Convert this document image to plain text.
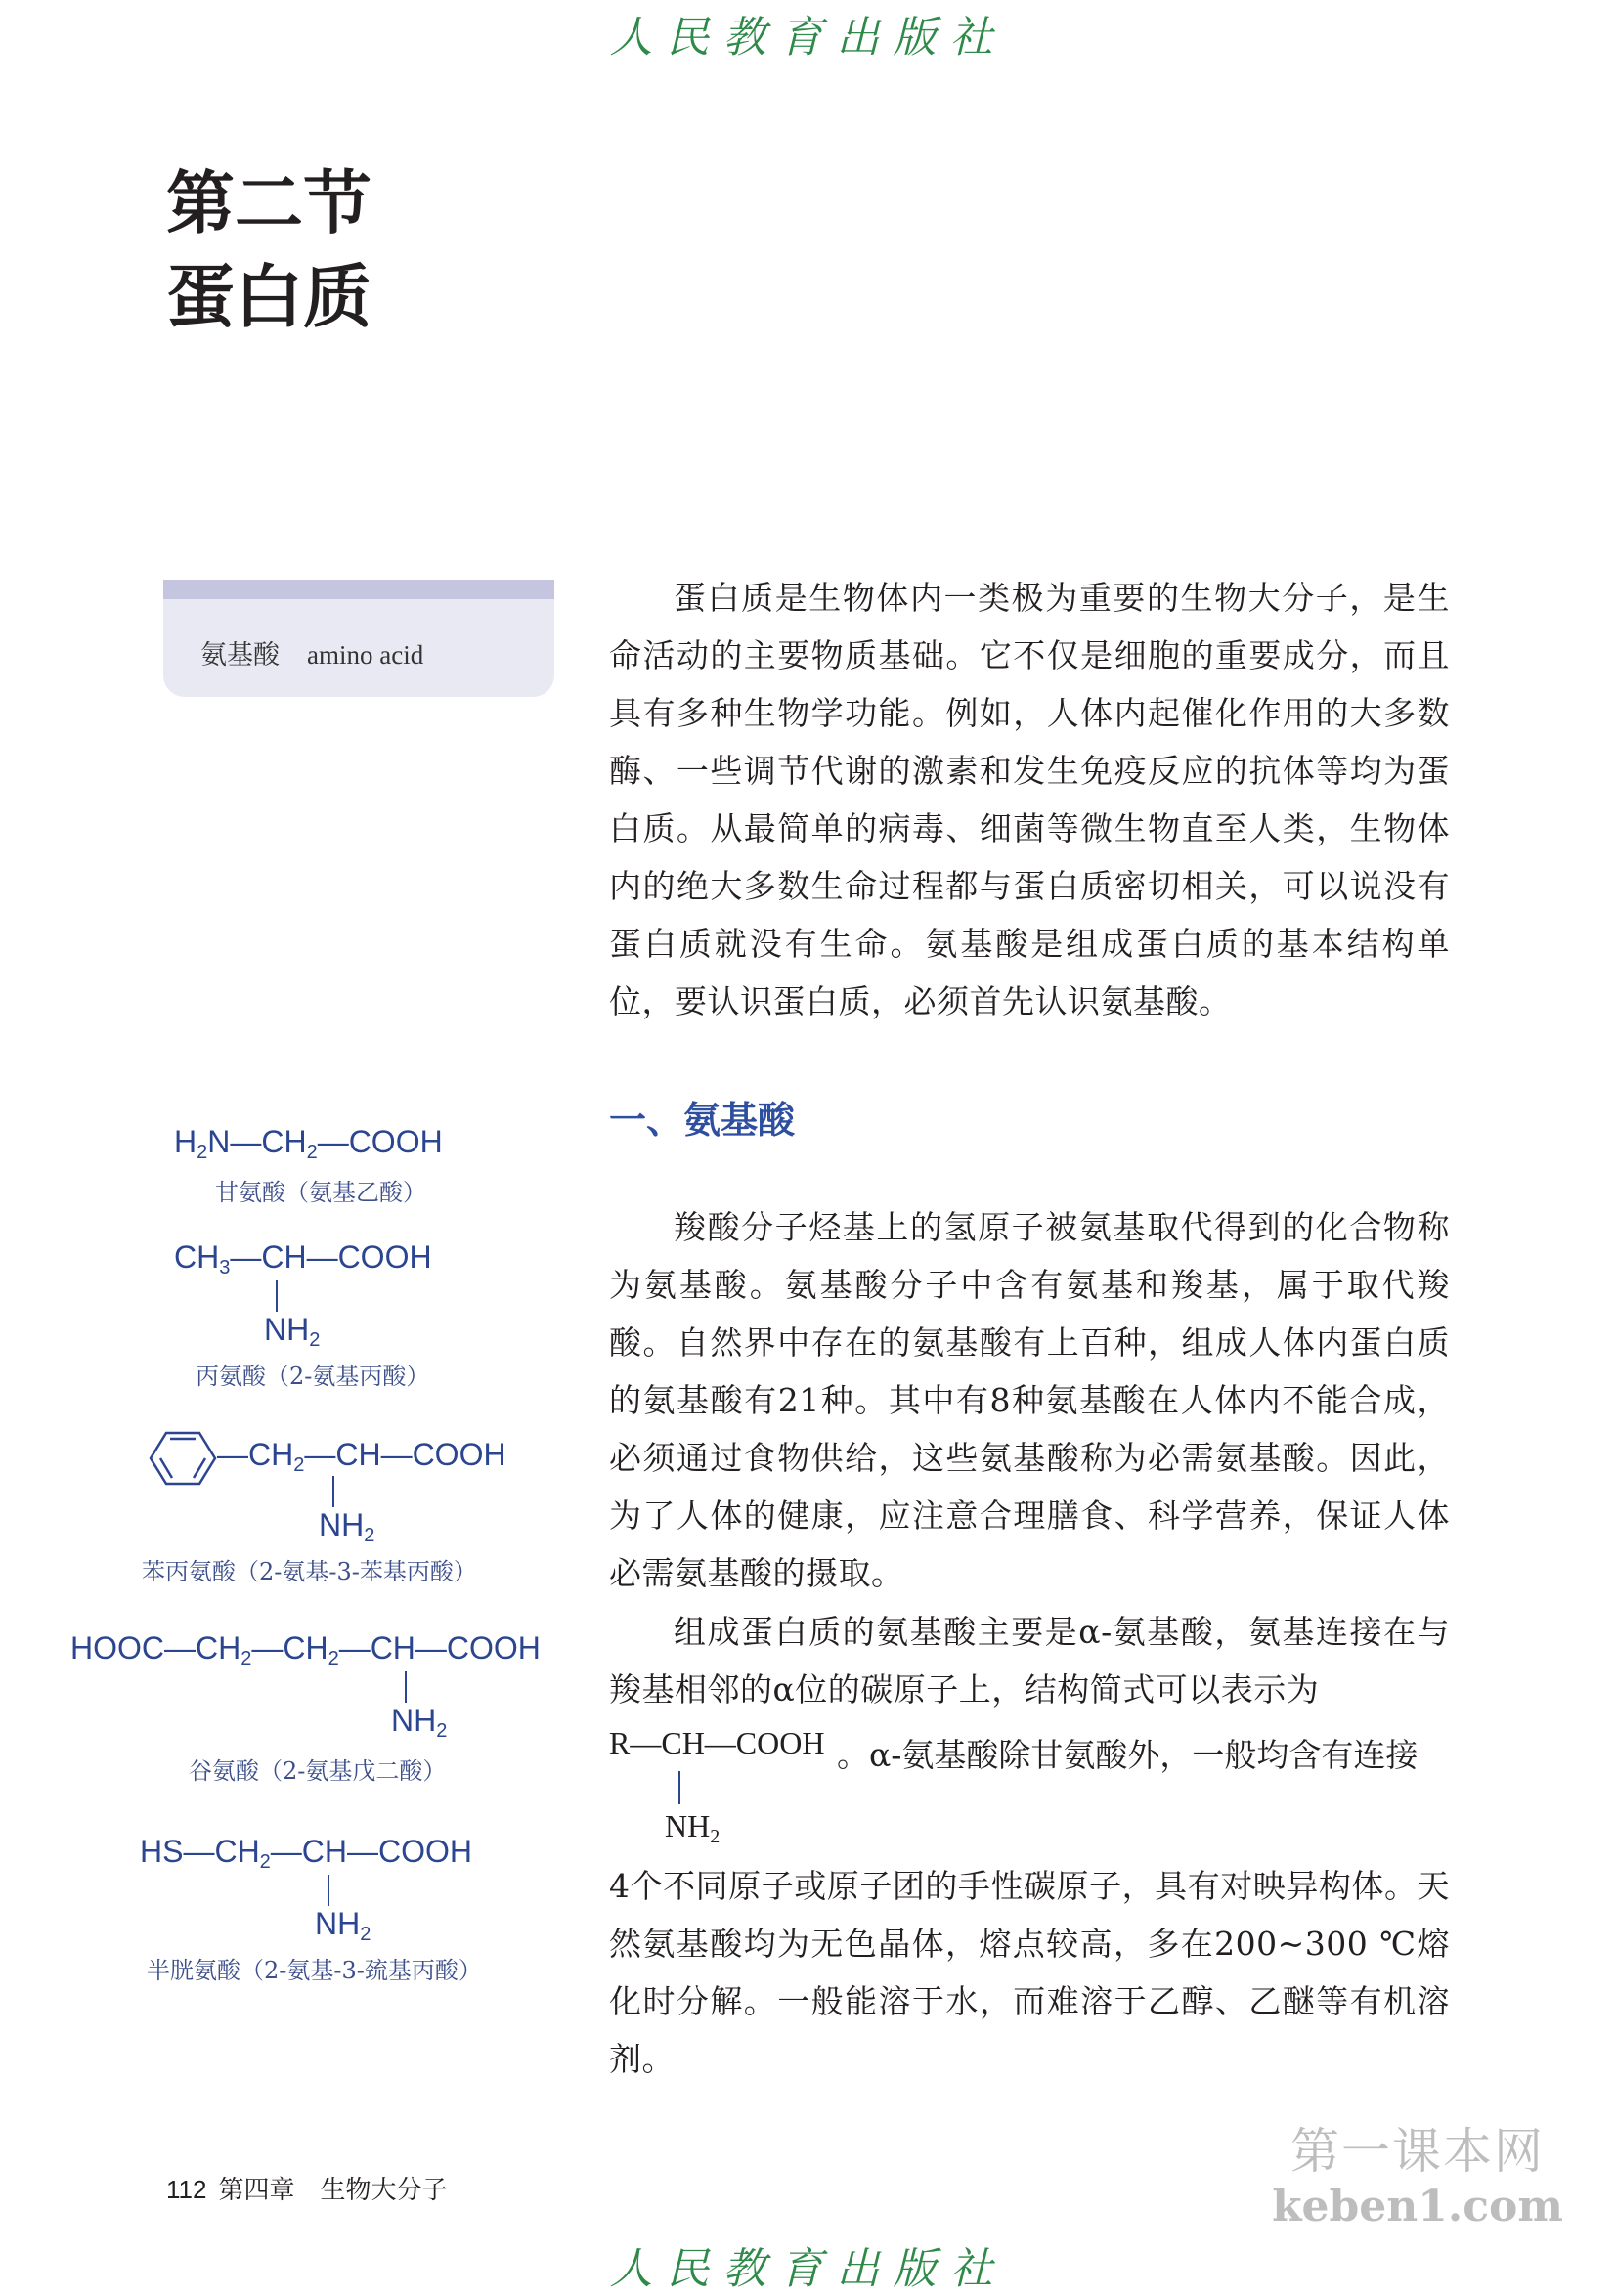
人民教育出版社
第二节
蛋白质
氨基酸 amino acid

蛋白质是生物体内一类极为重要的生物大分子，是生命活动的主要物质基础。它不仅是细胞的重要成分，而且具有多种生物学功能。例如，人体内起催化作用的大多数酶、一些调节代谢的激素和发生免疫反应的抗体等均为蛋白质。从最简单的病毒、细菌等微生物直至人类，生物体内的绝大多数生命过程都与蛋白质密切相关，可以说没有蛋白质就没有生命。氨基酸是组成蛋白质的基本结构单位，要认识蛋白质，必须首先认识氨基酸。

一、氨基酸

羧酸分子烃基上的氢原子被氨基取代得到的化合物称为氨基酸。氨基酸分子中含有氨基和羧基，属于取代羧酸。自然界中存在的氨基酸有上百种，组成人体内蛋白质的氨基酸有21种。其中有8种氨基酸在人体内不能合成，必须通过食物供给，这些氨基酸称为必需氨基酸。因此，为了人体的健康，应注意合理膳食、科学营养，保证人体必需氨基酸的摄取。

组成蛋白质的氨基酸主要是α-氨基酸，氨基连接在与羧基相邻的α位的碳原子上，结构简式可以表示为

R—CH—COOH 。α-氨基酸除甘氨酸外，一般均含有连接
$NH_2$

4个不同原子或原子团的手性碳原子，具有对映异构体。天然氨基酸均为无色晶体，熔点较高，多在200~300 ℃熔化时分解。一般能溶于水，而难溶于乙醇、乙醚等有机溶剂。

$H_2N—CH_2—COOH$
甘氨酸（氨基乙酸）
$CH_3—CH—COOH$
$NH_2$
丙氨酸（2-氨基丙酸）
$—CH_2—CH—COOH$
$NH_2$
苯丙氨酸（2-氨基-3-苯基丙酸）
$HOOC—CH_2—CH_2—CH—COOH$
$NH_2$
谷氨酸（2-氨基戊二酸）
$HS—CH_2—CH—COOH$
$NH_2$
半胱氨酸（2-氨基-3-巯基丙酸）
112 第四章　生物大分子
第一课本网
keben1.com
人民教育出版社
